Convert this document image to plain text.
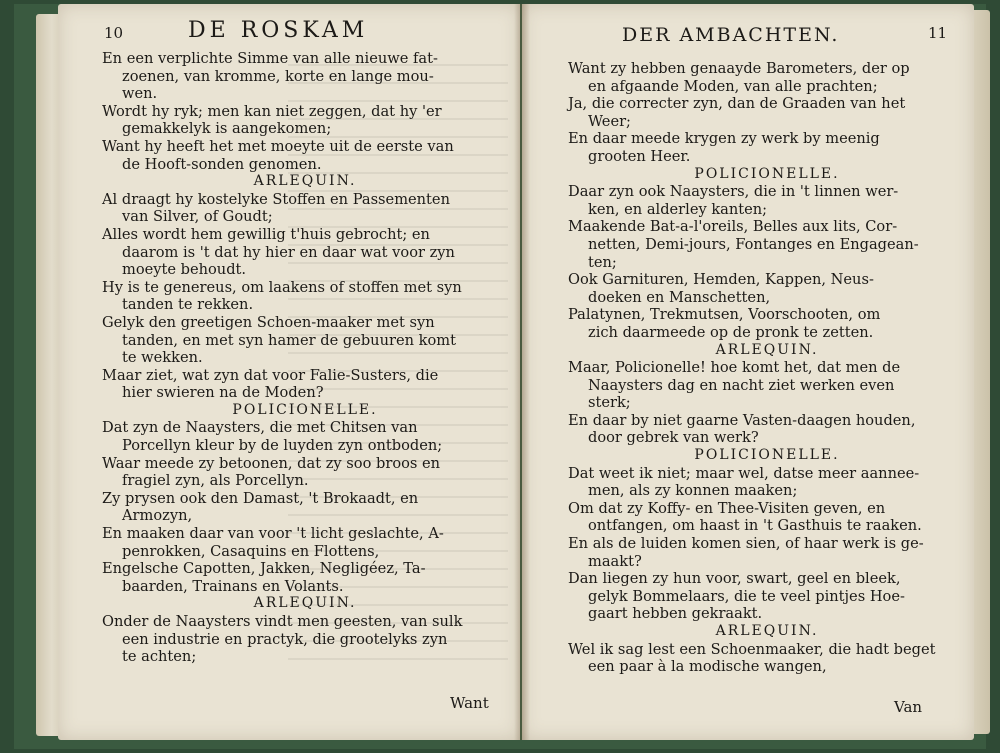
10	DE ROSKAM
En een verplichte Simme van alle nieuwe fat-
zoenen, van kromme, korte en lange mou-
wen.
Wordt hy ryk; men kan niet zeggen, dat hy 'er
gemakkelyk is aangekomen;
Want hy heeft het met moeyte uit de eerste van
de Hooft-sonden genomen.
ARLEQUIN.
Al draagt hy kostelyke Stoffen en Passementen
van Silver, of Goudt;
Alles wordt hem gewillig t'huis gebrocht; en
daarom is 't dat hy hier en daar wat voor zyn
moeyte behoudt.
Hy is te genereus, om laakens of stoffen met syn
tanden te rekken.
Gelyk den greetigen Schoen-maaker met syn
tanden, en met syn hamer de gebuuren komt
te wekken.
Maar ziet, wat zyn dat voor Falie-Susters, die
hier swieren na de Moden?
POLICIONELLE.
Dat zyn de Naaysters, die met Chitsen van
Porcellyn kleur by de luyden zyn ontboden;
Waar meede zy betoonen, dat zy soo broos en
fragiel zyn, als Porcellyn.
Zy prysen ook den Damast, 't Brokaadt, en
Armozyn,
En maaken daar van voor 't licht geslachte, A-
penrokken, Casaquins en Flottens,
Engelsche Capotten, Jakken, Negligéez, Ta-
baarden, Trainans en Volants.
ARLEQUIN.
Onder de Naaysters vindt men geesten, van sulk
een industrie en practyk, die grootelyks zyn
te achten;
Want
DER AMBACHTEN.	11
Want zy hebben genaayde Barometers, der op
en afgaande Moden, van alle prachten;
Ja, die correcter zyn, dan de Graaden van het
Weer;
En daar meede krygen zy werk by meenig
grooten Heer.
POLICIONELLE.
Daar zyn ook Naaysters, die in 't linnen wer-
ken, en alderley kanten;
Maakende Bat-a-l'oreils, Belles aux lits, Cor-
netten, Demi-jours, Fontanges en Engagean-
ten;
Ook Garnituren, Hemden, Kappen, Neus-
doeken en Manschetten,
Palatynen, Trekmutsen, Voorschooten, om
zich daarmeede op de pronk te zetten.
ARLEQUIN.
Maar, Policionelle! hoe komt het, dat men de
Naaysters dag en nacht ziet werken even
sterk;
En daar by niet gaarne Vasten-daagen houden,
door gebrek van werk?
POLICIONELLE.
Dat weet ik niet; maar wel, datse meer aannee-
men, als zy konnen maaken;
Om dat zy Koffy- en Thee-Visiten geven, en
ontfangen, om haast in 't Gasthuis te raaken.
En als de luiden komen sien, of haar werk is ge-
maakt?
Dan liegen zy hun voor, swart, geel en bleek,
gelyk Bommelaars, die te veel pintjes Hoe-
gaart hebben gekraakt.
ARLEQUIN.
Wel ik sag lest een Schoenmaaker, die hadt beget
een paar à la modische wangen,
Van
